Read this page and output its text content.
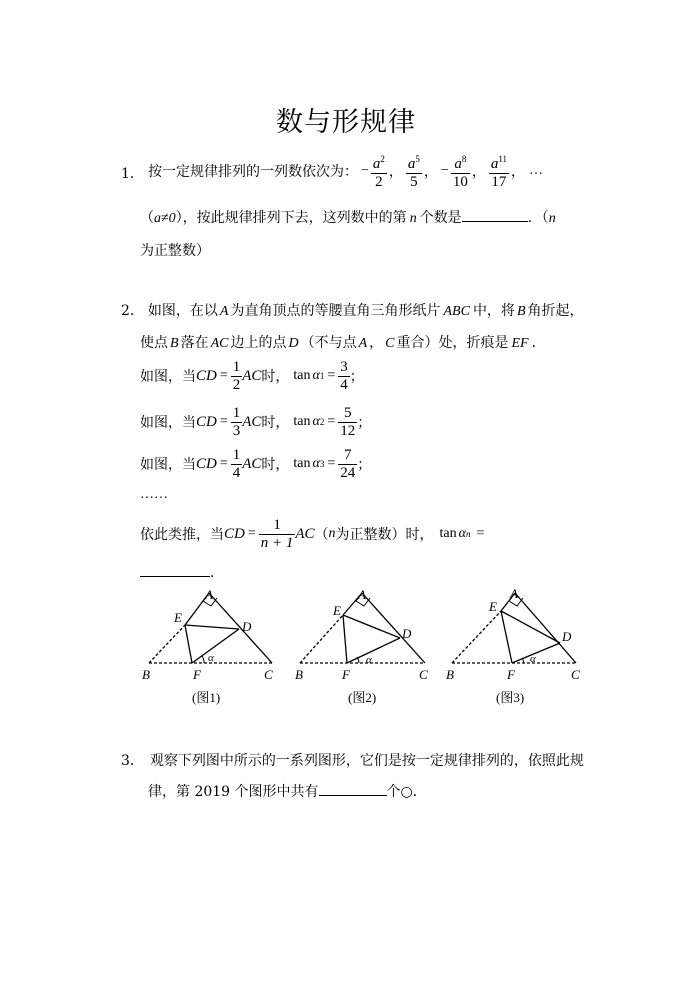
数与形规律
1． 按一定规律排列的一列数依次为： − $\frac{a^2}{2}$ ， $\frac{a^5}{5}$ ， − $\frac{a^8}{10}$ ， $\frac{a^{11}}{17}$ ， …
（a≠0），按此规律排列下去，这列数中的第 n 个数是	．（n
为正整数）
2． 如图，在以 A 为直角顶点的等腰直角三角形纸片 ABC 中，将 B 角折起，
使点 B 落在 AC 边上的点 D （不与点 A ， C 重合）处，折痕是 EF ．
如图，当 CD = $\frac{1}{2}$ AC 时， tan α $1 = \frac{3}{4}$ ；
如图，当 CD = $\frac{1}{3}$ AC 时， tan α $2 = \frac{5}{12}$ ；
如图，当 CD = $\frac{1}{4}$ AC 时， tan α $3 = \frac{7}{24}$ ；
……
依此类推，当 CD = $\frac{1}{n + 1}$ AC （ n 为正整数）时， tan α n =
．
A
E
D
α
B	F	C
A
E
D
α
B	F	C
A
E
D
α
B	F	C
(图1)	(图2)	(图3)
3． 观察下列图中所示的一系列图形，它们是按一定规律排列的，依照此规
律，第 2019 个图形中共有	个○．
